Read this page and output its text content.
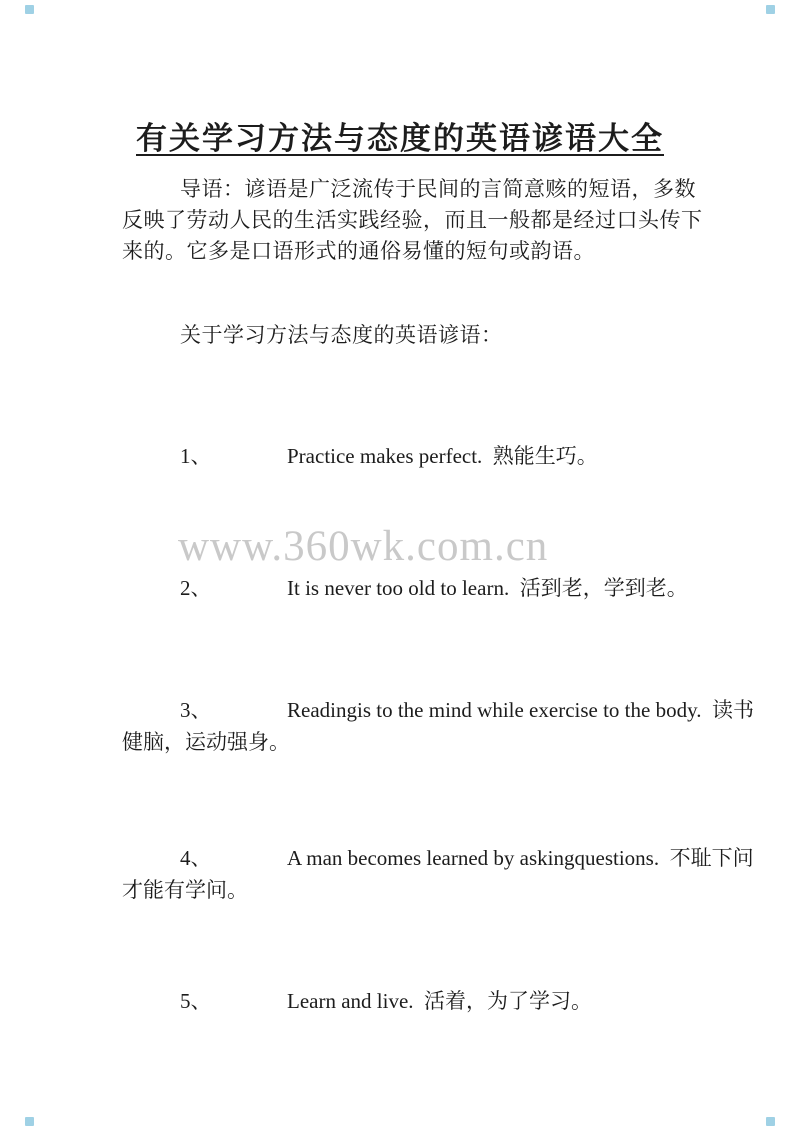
有关学习方法与态度的英语谚语大全
导语：谚语是广泛流传于民间的言简意赅的短语，多数
反映了劳动人民的生活实践经验，而且一般都是经过口头传下
来的。它多是口语形式的通俗易懂的短句或韵语。
关于学习方法与态度的英语谚语：
1、	Practice makes perfect.  熟能生巧。
www.360wk.com.cn
2、	It is never too old to learn.  活到老，学到老。
3、	Readingis to the mind while exercise to the body.  读书
健脑，运动强身。
4、	A man becomes learned by askingquestions.  不耻下问
才能有学问。
5、	Learn and live.  活着，为了学习。
